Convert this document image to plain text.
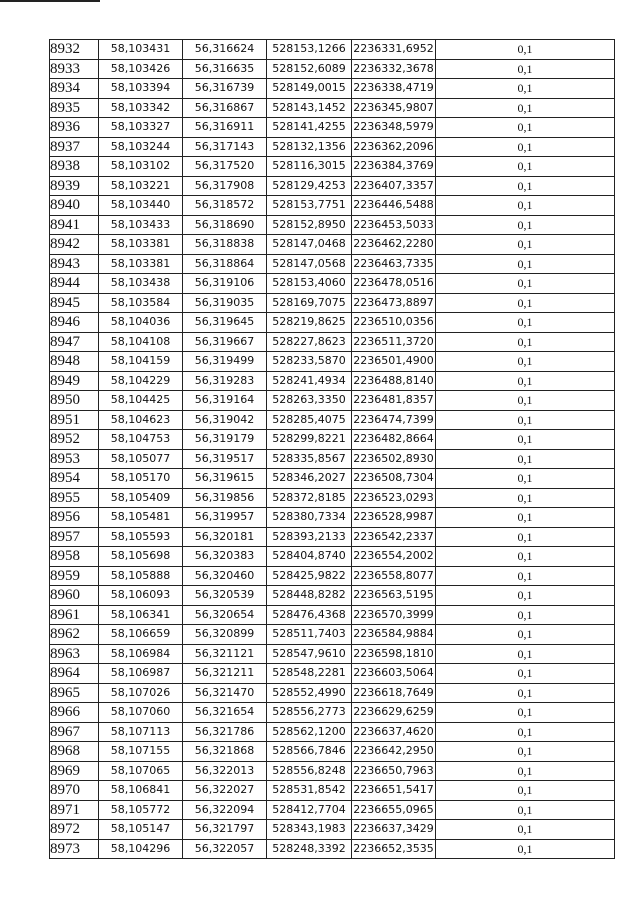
8932	58,103431	56,316624	528153,1266	2236331,6952	0,1
8933	58,103426	56,316635	528152,6089	2236332,3678	0,1
8934	58,103394	56,316739	528149,0015	2236338,4719	0,1
8935	58,103342	56,316867	528143,1452	2236345,9807	0,1
8936	58,103327	56,316911	528141,4255	2236348,5979	0,1
8937	58,103244	56,317143	528132,1356	2236362,2096	0,1
8938	58,103102	56,317520	528116,3015	2236384,3769	0,1
8939	58,103221	56,317908	528129,4253	2236407,3357	0,1
8940	58,103440	56,318572	528153,7751	2236446,5488	0,1
8941	58,103433	56,318690	528152,8950	2236453,5033	0,1
8942	58,103381	56,318838	528147,0468	2236462,2280	0,1
8943	58,103381	56,318864	528147,0568	2236463,7335	0,1
8944	58,103438	56,319106	528153,4060	2236478,0516	0,1
8945	58,103584	56,319035	528169,7075	2236473,8897	0,1
8946	58,104036	56,319645	528219,8625	2236510,0356	0,1
8947	58,104108	56,319667	528227,8623	2236511,3720	0,1
8948	58,104159	56,319499	528233,5870	2236501,4900	0,1
8949	58,104229	56,319283	528241,4934	2236488,8140	0,1
8950	58,104425	56,319164	528263,3350	2236481,8357	0,1
8951	58,104623	56,319042	528285,4075	2236474,7399	0,1
8952	58,104753	56,319179	528299,8221	2236482,8664	0,1
8953	58,105077	56,319517	528335,8567	2236502,8930	0,1
8954	58,105170	56,319615	528346,2027	2236508,7304	0,1
8955	58,105409	56,319856	528372,8185	2236523,0293	0,1
8956	58,105481	56,319957	528380,7334	2236528,9987	0,1
8957	58,105593	56,320181	528393,2133	2236542,2337	0,1
8958	58,105698	56,320383	528404,8740	2236554,2002	0,1
8959	58,105888	56,320460	528425,9822	2236558,8077	0,1
8960	58,106093	56,320539	528448,8282	2236563,5195	0,1
8961	58,106341	56,320654	528476,4368	2236570,3999	0,1
8962	58,106659	56,320899	528511,7403	2236584,9884	0,1
8963	58,106984	56,321121	528547,9610	2236598,1810	0,1
8964	58,106987	56,321211	528548,2281	2236603,5064	0,1
8965	58,107026	56,321470	528552,4990	2236618,7649	0,1
8966	58,107060	56,321654	528556,2773	2236629,6259	0,1
8967	58,107113	56,321786	528562,1200	2236637,4620	0,1
8968	58,107155	56,321868	528566,7846	2236642,2950	0,1
8969	58,107065	56,322013	528556,8248	2236650,7963	0,1
8970	58,106841	56,322027	528531,8542	2236651,5417	0,1
8971	58,105772	56,322094	528412,7704	2236655,0965	0,1
8972	58,105147	56,321797	528343,1983	2236637,3429	0,1
8973	58,104296	56,322057	528248,3392	2236652,3535	0,1
